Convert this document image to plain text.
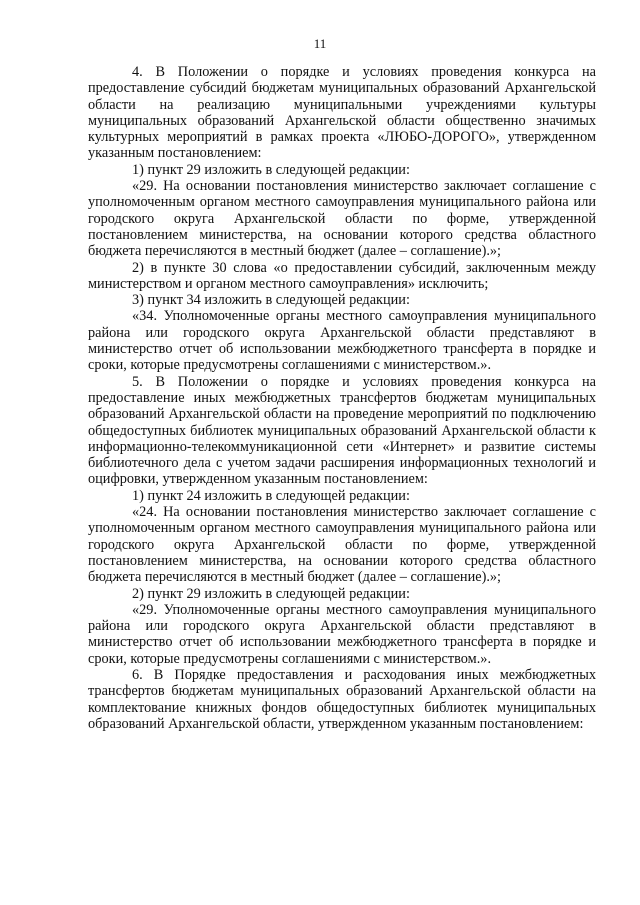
11

4. В Положении о порядке и условиях проведения конкурса на предоставление субсидий бюджетам муниципальных образований Архангельской области на реализацию муниципальными учреждениями культуры муниципальных образований Архангельской области общественно значимых культурных мероприятий в рамках проекта «ЛЮБО-ДОРОГО», утвержденном указанным постановлением:

1) пункт 29 изложить в следующей редакции:

«29. На основании постановления министерство заключает соглашение с уполномоченным органом местного самоуправления муниципального района или городского округа Архангельской области по форме, утвержденной постановлением министерства, на основании которого средства областного бюджета перечисляются в местный бюджет (далее – соглашение).»;

2) в пункте 30 слова «о предоставлении субсидий, заключенным между министерством и органом местного самоуправления» исключить;

3) пункт 34 изложить в следующей редакции:

«34. Уполномоченные органы местного самоуправления муниципального района или городского округа Архангельской области представляют в министерство отчет об использовании межбюджетного трансферта в порядке и сроки, которые предусмотрены соглашениями с министерством.».

5. В Положении о порядке и условиях проведения конкурса на предоставление иных межбюджетных трансфертов бюджетам муниципальных образований Архангельской области на проведение мероприятий по подключению общедоступных библиотек муниципальных образований Архангельской области к информационно-телекоммуникационной сети «Интернет» и развитие системы библиотечного дела с учетом задачи расширения информационных технологий и оцифровки, утвержденном указанным постановлением:

1) пункт 24 изложить в следующей редакции:

«24. На основании постановления министерство заключает соглашение с уполномоченным органом местного самоуправления муниципального района или городского округа Архангельской области по форме, утвержденной постановлением министерства, на основании которого средства областного бюджета перечисляются в местный бюджет (далее – соглашение).»;

2) пункт 29 изложить в следующей редакции:

«29. Уполномоченные органы местного самоуправления муниципального района или городского округа Архангельской области представляют в министерство отчет об использовании межбюджетного трансферта в порядке и сроки, которые предусмотрены соглашениями с министерством.».

6. В Порядке предоставления и расходования иных межбюджетных трансфертов бюджетам муниципальных образований Архангельской области на комплектование книжных фондов общедоступных библиотек муниципальных образований Архангельской области, утвержденном указанным постановлением:
